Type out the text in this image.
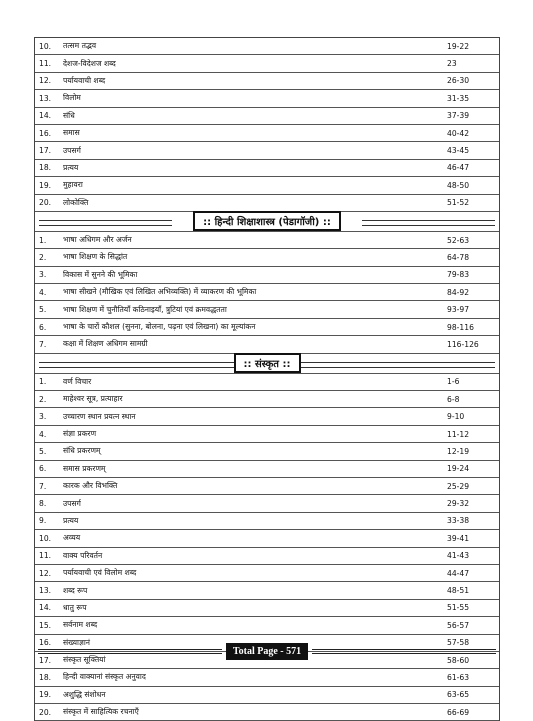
10.	तत्सम तद्भव	19-22
11.	देशज-विदेशज शब्द	23
12.	पर्यायवाची शब्द	26-30
13.	विलोम	31-35
14.	संधि	37-39
16.	समास	40-42
17.	उपसर्ग	43-45
18.	प्रत्यय	46-47
19.	मुहावरा	48-50
20.	लोकोक्ति	51-52
:: हिन्दी शिक्षाशास्त्र (पेडागॉजी) ::
1.	भाषा अधिगम और अर्जन	52-63
2.	भाषा शिक्षण के सिद्धांत	64-78
3.	विकास में सुनने की भूमिका	79-83
4.	भाषा सीखने (मौखिक एवं लिखित अभिव्यक्ति) में व्याकरण की भूमिका	84-92
5.	भाषा शिक्षण में चुनौतियाँ कठिनाइयाँ, त्रुटियां एवं क्रमवद्धतता	93-97
6.	भाषा के चारों कौशल (सुनना, बोलना, पढ़ना एवं लिखना) का मूल्यांकन	98-116
7.	कक्षा में शिक्षण अधिगम सामग्री	116-126
:: संस्कृत ::
1.	वर्ण विचार	1-6
2.	माहेश्वर सूत्र, प्रत्याहार	6-8
3.	उच्चारण स्थान प्रयत्न स्थान	9-10
4.	संज्ञा प्रकरण	11-12
5.	संधि प्रकरणम्	12-19
6.	समास प्रकरणम्	19-24
7.	कारक और विभक्ति	25-29
8.	उपसर्ग	29-32
9.	प्रत्यय	33-38
10.	अव्यय	39-41
11.	वाक्य परिवर्तन	41-43
12.	पर्यायवाची एवं विलोम शब्द	44-47
13.	शब्द रूप	48-51
14.	धातु रूप	51-55
15.	सर्वनाम शब्द	56-57
16.	संख्याज्ञानं	57-58
17.	संस्कृत सूक्तियां	58-60
18.	हिन्दी वाक्यानां संस्कृत अनुवाद	61-63
19.	अशुद्धि संशोधन	63-65
20.	संस्कृत में साहित्यिक रचनाएँ	66-69
Total Page - 571
